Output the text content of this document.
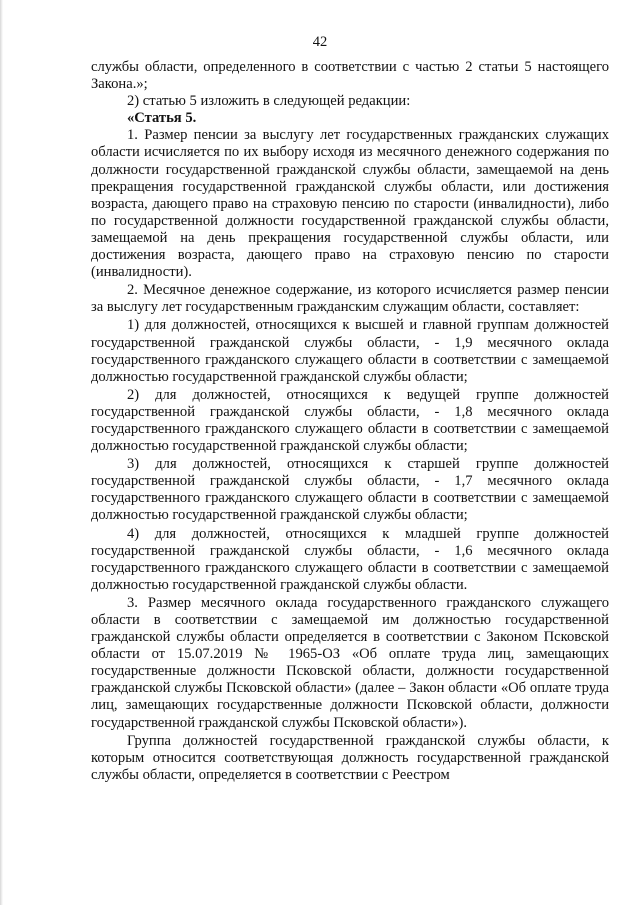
42

службы области, определенного в соответствии с частью 2 статьи 5 настоящего Закона.»;

2) статью 5 изложить в следующей редакции:

«Статья 5.

1. Размер пенсии за выслугу лет государственных гражданских служащих области исчисляется по их выбору исходя из месячного денежного содержания по должности государственной гражданской службы области, замещаемой на день прекращения государственной гражданской службы области, или достижения возраста, дающего право на страховую пенсию по старости (инвалидности), либо по государственной должности государственной гражданской службы области, замещаемой на день прекращения государственной службы области, или достижения возраста, дающего право на страховую пенсию по старости (инвалидности).

2. Месячное денежное содержание, из которого исчисляется размер пенсии за выслугу лет государственным гражданским служащим области, составляет:

1) для должностей, относящихся к высшей и главной группам должностей государственной гражданской службы области, - 1,9 месячного оклада государственного гражданского служащего области в соответствии с замещаемой должностью государственной гражданской службы области;

2) для должностей, относящихся к ведущей группе должностей государственной гражданской службы области, - 1,8 месячного оклада государственного гражданского служащего области в соответствии с замещаемой должностью государственной гражданской службы области;

3) для должностей, относящихся к старшей группе должностей государственной гражданской службы области, - 1,7 месячного оклада государственного гражданского служащего области в соответствии с замещаемой должностью государственной гражданской службы области;

4) для должностей, относящихся к младшей группе должностей государственной гражданской службы области, - 1,6 месячного оклада государственного гражданского служащего области в соответствии с замещаемой должностью государственной гражданской службы области.

3. Размер месячного оклада государственного гражданского служащего области в соответствии с замещаемой им должностью государственной гражданской службы области определяется в соответствии с Законом Псковской области от 15.07.2019 № 1965-ОЗ «Об оплате труда лиц, замещающих государственные должности Псковской области, должности государственной гражданской службы Псковской области» (далее – Закон области «Об оплате труда лиц, замещающих государственные должности Псковской области, должности государственной гражданской службы Псковской области»).

Группа должностей государственной гражданской службы области, к которым относится соответствующая должность государственной гражданской службы области, определяется в соответствии с Реестром
